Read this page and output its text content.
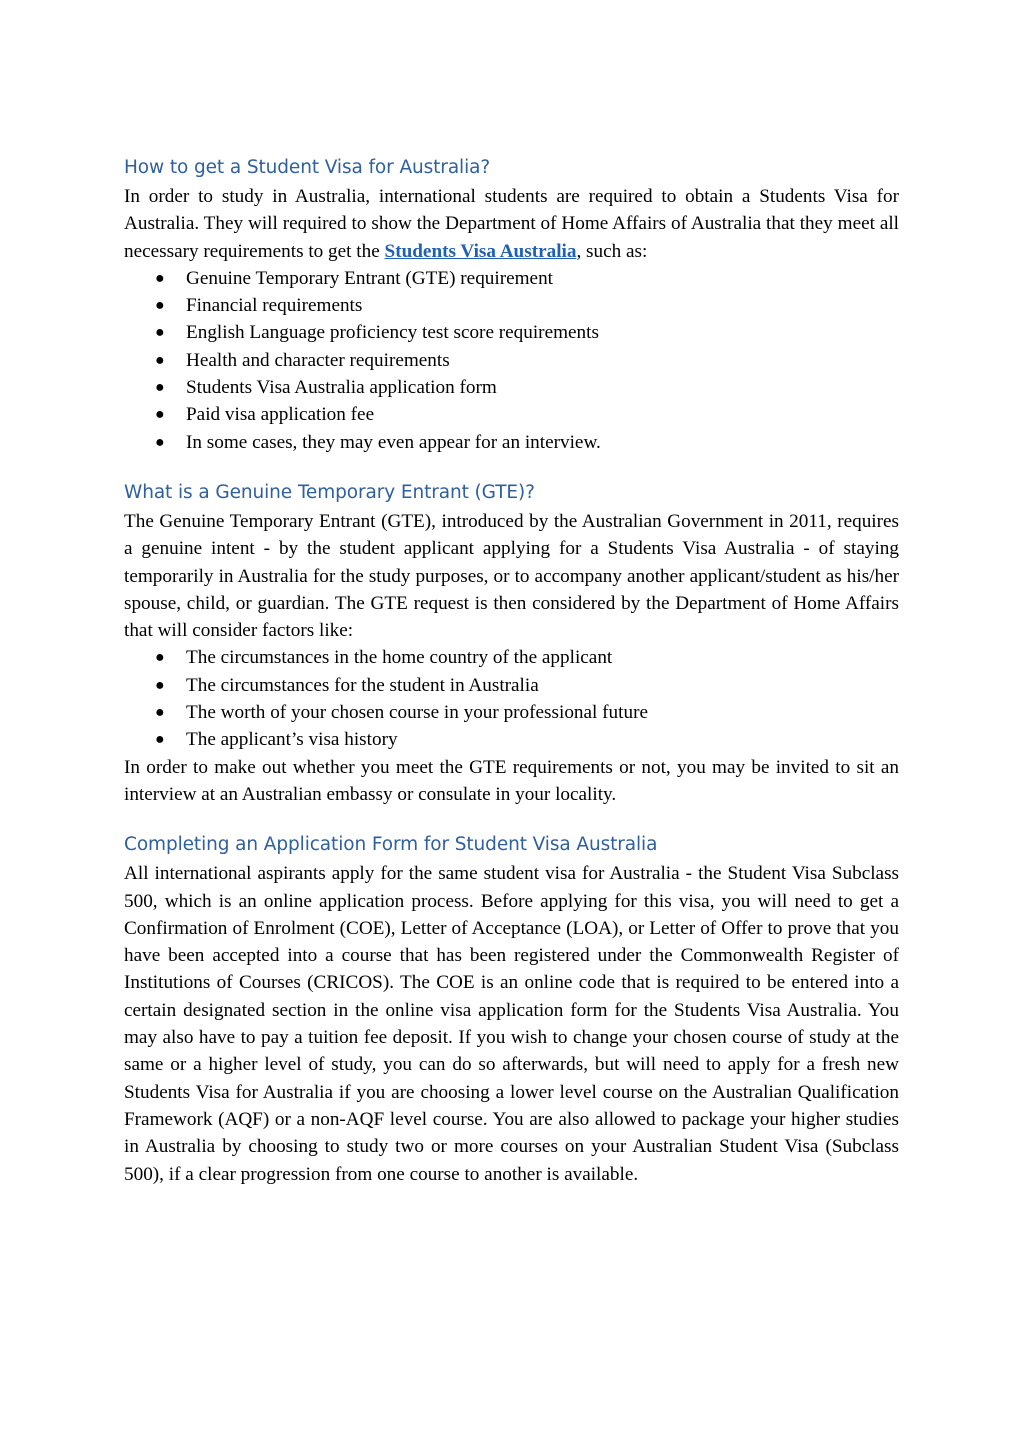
How to get a Student Visa for Australia?

In order to study in Australia, international students are required to obtain a Students Visa for Australia. They will required to show the Department of Home Affairs of Australia that they meet all necessary requirements to get the Students Visa Australia, such as:

● Genuine Temporary Entrant (GTE) requirement
● Financial requirements
● English Language proficiency test score requirements
● Health and character requirements
● Students Visa Australia application form
● Paid visa application fee
● In some cases, they may even appear for an interview.
What is a Genuine Temporary Entrant (GTE)?

The Genuine Temporary Entrant (GTE), introduced by the Australian Government in 2011, requires a genuine intent - by the student applicant applying for a Students Visa Australia - of staying temporarily in Australia for the study purposes, or to accompany another applicant/student as his/her spouse, child, or guardian. The GTE request is then considered by the Department of Home Affairs that will consider factors like:

● The circumstances in the home country of the applicant
● The circumstances for the student in Australia
● The worth of your chosen course in your professional future
● The applicant’s visa history

In order to make out whether you meet the GTE requirements or not, you may be invited to sit an interview at an Australian embassy or consulate in your locality.

Completing an Application Form for Student Visa Australia

All international aspirants apply for the same student visa for Australia - the Student Visa Subclass 500, which is an online application process. Before applying for this visa, you will need to get a Confirmation of Enrolment (COE), Letter of Acceptance (LOA), or Letter of Offer to prove that you have been accepted into a course that has been registered under the Commonwealth Register of Institutions of Courses (CRICOS). The COE is an online code that is required to be entered into a certain designated section in the online visa application form for the Students Visa Australia. You may also have to pay a tuition fee deposit. If you wish to change your chosen course of study at the same or a higher level of study, you can do so afterwards, but will need to apply for a fresh new Students Visa for Australia if you are choosing a lower level course on the Australian Qualification Framework (AQF) or a non-AQF level course. You are also allowed to package your higher studies in Australia by choosing to study two or more courses on your Australian Student Visa (Subclass 500), if a clear progression from one course to another is available.
